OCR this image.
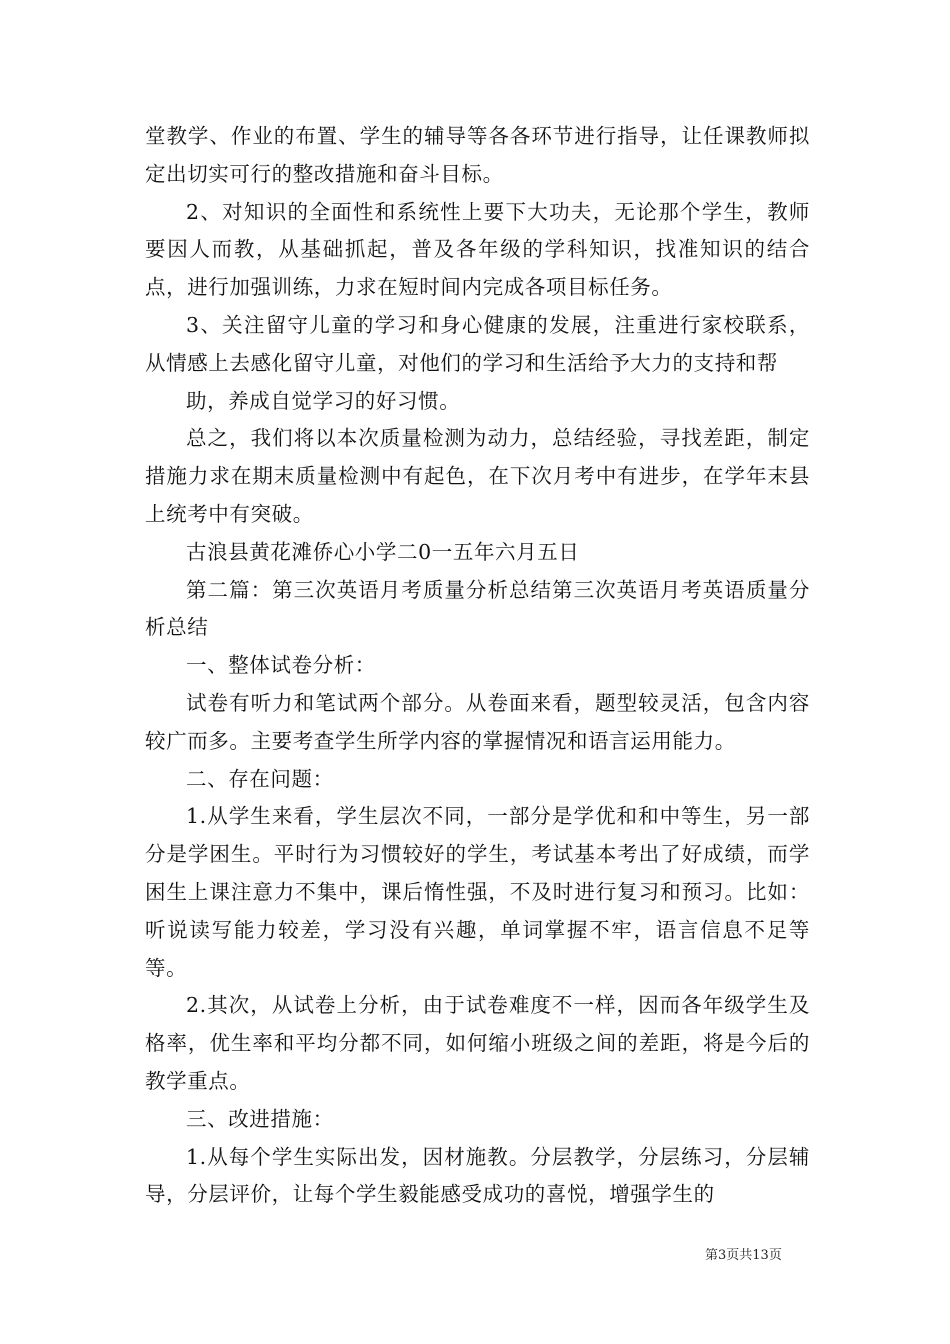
堂教学、作业的布置、学生的辅导等各各环节进行指导，让任课教师拟定出切实可行的整改措施和奋斗目标。

2、对知识的全面性和系统性上要下大功夫，无论那个学生，教师要因人而教，从基础抓起，普及各年级的学科知识，找准知识的结合点，进行加强训练，力求在短时间内完成各项目标任务。

3、关注留守儿童的学习和身心健康的发展，注重进行家校联系，从情感上去感化留守儿童，对他们的学习和生活给予大力的支持和帮

助，养成自觉学习的好习惯。

总之，我们将以本次质量检测为动力，总结经验，寻找差距，制定措施力求在期末质量检测中有起色，在下次月考中有进步，在学年末县上统考中有突破。

古浪县黄花滩侨心小学二0一五年六月五日

第二篇：第三次英语月考质量分析总结第三次英语月考英语质量分析总结

一、整体试卷分析：

试卷有听力和笔试两个部分。从卷面来看，题型较灵活，包含内容较广而多。主要考查学生所学内容的掌握情况和语言运用能力。

二、存在问题：

1.从学生来看，学生层次不同，一部分是学优和和中等生，另一部分是学困生。平时行为习惯较好的学生，考试基本考出了好成绩，而学困生上课注意力不集中，课后惰性强，不及时进行复习和预习。比如：听说读写能力较差，学习没有兴趣，单词掌握不牢，语言信息不足等等。

2.其次，从试卷上分析，由于试卷难度不一样，因而各年级学生及格率，优生率和平均分都不同，如何缩小班级之间的差距，将是今后的教学重点。

三、改进措施：

1.从每个学生实际出发，因材施教。分层教学，分层练习，分层辅导，分层评价，让每个学生毅能感受成功的喜悦，增强学生的

第3页共13页
